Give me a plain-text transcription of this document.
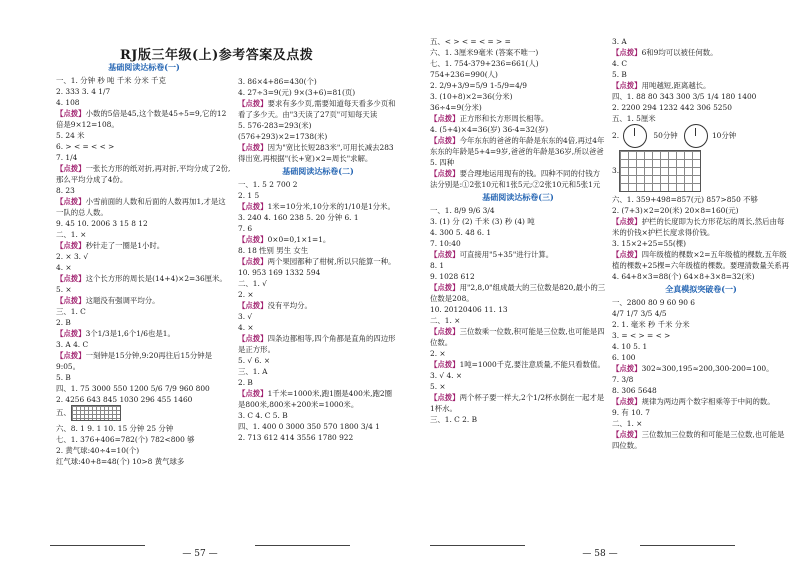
RJ版三年级(上)参考答案及点拨
基础阅读达标卷(一)
一、1. 分钟 秒 吨 千米 分米 千克
2. 333 3. 4 1/7
4. 108
【点拨】小数的5倍是45,这个数是45÷5=9,它的12倍是9×12=108。
5. 24 米
6. > < = < < >
7. 1/4
【点拨】一张长方形的纸对折,再对折,平均分成了2份,那么平均分成了4份。
8. 23
【点拨】小雪前面的人数和后面的人数再加1,才是这一队的总人数。
9. 45 10. 2006 3 15 8 12
二、1. ×
【点拨】秒针走了一圈是1小时。
2. × 3. √
4. ×
【点拨】这个长方形的周长是(14+4)×2=36厘米。
5. ×
【点拨】这题没有强调平均分。
三、1. C
2. B
【点拨】3个1/3是1,6个1/6也是1。
3. A 4. C
【点拨】一刻钟是15分钟,9:20再往后15分钟是9:05。
5. B
四、1. 75 3000 550 1200 5/6 7/9 960 800
2. 4256 643 845 1030 296 455 1460
五、
六、8. 1 9. 1 10. 15 分钟 25 分钟
七、1. 376+406=782(个) 782<800 够
2. 黄气球:40÷4=10(个)
红气球:40+8=48(个) 10>8 黄气球多
3. 86×4+86=430(个)
4. 27÷3=9(元) 9×(3+6)=81(页)
【点拨】要求有多少页,需要知道每天看多少页和看了多少天。由"3天读了27页"可知每天读
5. 576-283=293(米)
(576+293)×2=1738(米)
【点拨】因为"宽比长短283米",可用长减去283得出宽,再根据"(长+宽)×2=周长"求解。
基础阅读达标卷(二)
一、1. 5 2 700 2
2. 1 5
【点拨】1米=10分米,10分米的1/10是1分米。
3. 240 4. 160 238 5. 20 分钟 6. 1
7. 6
【点拨】0×0=0,1×1=1。
8. 18 性别 男生 女生
【点拨】两个果园都种了柑树,所以只能算一种。
10. 953 169 1332 594
二、1. √
2. ×
【点拨】没有平均分。
3. √
4. ×
【点拨】四条边都相等,四个角都是直角的四边形是正方形。
5. √ 6. ×
三、1. A
2. B
【点拨】1千米=1000米,跑1圈是400米,跑2圈是800米,800米+200米=1000米。
3. C 4. C 5. B
四、1. 400 0 3000 350 570 1800 3/4 1
2. 713 612 414 3556 1780 922
— 57 —
五、< > < = < = > =
六、1. 3厘米9毫米 (答案不唯一)
七、1. 754-379+236=661(人)
754+236=990(人)
2. 2/9+3/9=5/9 1-5/9=4/9
3. (10+8)×2=36(分米)
36÷4=9(分米)
【点拨】正方形和长方形周长相等。
4. (5+4)×4=36(岁) 36-4=32(岁)
【点拨】今年东东的爸爸的年龄是东东的4倍,再过4年东东的年龄是5+4=9岁,爸爸的年龄是36岁,所以爸爸
5. 四种
【点拨】要合理地运用现有的钱。四种不同的付钱方法分别是:①2张10元和1张5元;②2张10元和5张1元
基础阅读达标卷(三)
一、1. 8/9 9/6 3/4
3. (1) 分 (2) 千米 (3) 秒 (4) 吨
4. 300 5. 48 6. 1
7. 10:40
【点拨】可直接用"5+35"进行计算。
8. 1
9. 1028 612
【点拨】用"2,8,0"组成最大的三位数是820,最小的三位数是208。
10. 20120406 11. 13
二、1. ×
【点拨】三位数乘一位数,积可能是三位数,也可能是四位数。
2. ×
【点拨】1吨=1000千克,要注意质量,不能只看数值。
3. √ 4. ×
5. ×
【点拨】两个杯子要一样大,2个1/2杯水倒在一起才是1杯水。
三、1. C 2. B
3. A
【点拨】6和9均可以被任何数。
4. C
5. B
【点拨】用吨越短,距离越长。
四、1. 88 80 343 300 3/5 1/4 180 1400
2. 2200 294 1232 442 306 5250
五、1. 5厘米
2.	50分钟	10分钟
3.
六、1. 359+498=857(元) 857>850 不够
2. (7+3)×2=20(米) 20×8=160(元)
【点拨】护栏的长度即为长方形花坛的周长,然后由每米的价钱×护栏长度求得价钱。
3. 15×2+25=55(棵)
【点拨】四年级植的棵数×2=五年级植的棵数,五年级植的棵数+25棵=六年级植的棵数。要理清数量关系再
4. 64+8×3=88(个) 64×8+3×8=32(米)
全真模拟突破卷(一)
一、2800 80 9 60 90 6
4/7 1/7 3/5 4/5
2. 1. 毫米 秒 千米 分米
3. = < > = < >
4. 10 5. 1
6. 100
【点拨】302≈300,195≈200,300-200=100。
7. 3/8
8. 306 5648
【点拨】规律为两边两个数字相乘等于中间的数。
9. 有 10. 7
二、1. ×
【点拨】三位数加三位数的和可能是三位数,也可能是四位数。
— 58 —
